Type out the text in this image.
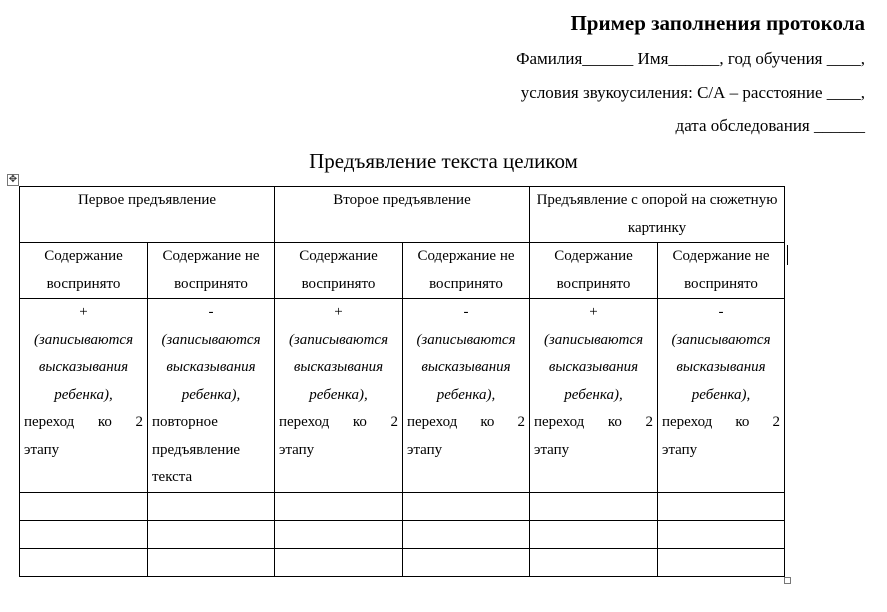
Пример заполнения протокола
Фамилия______ Имя______, год обучения ____,
условия звукоусиления: С/А – расстояние ____,
дата обследования ______
Предъявление текста целиком
✥
Первое предъявление		Второе предъявление		Предъявление с опорой на сюжетную картинку	
Содержание воспринято	Содержание не воспринято	Содержание воспринято	Содержание не воспринято	Содержание воспринято	Содержание не воспринято

+
(записываются высказывания ребенка),
переход ко 2
этапу	-
(записываются высказывания ребенка),
повторное
предъявление
текста	+
(записываются высказывания ребенка),
переход ко 2
этапу	-
(записываются высказывания ребенка),
переход ко 2
этапу	+
(записываются высказывания ребенка),
переход ко 2
этапу	-
(записываются высказывания ребенка),
переход ко 2
этапу
